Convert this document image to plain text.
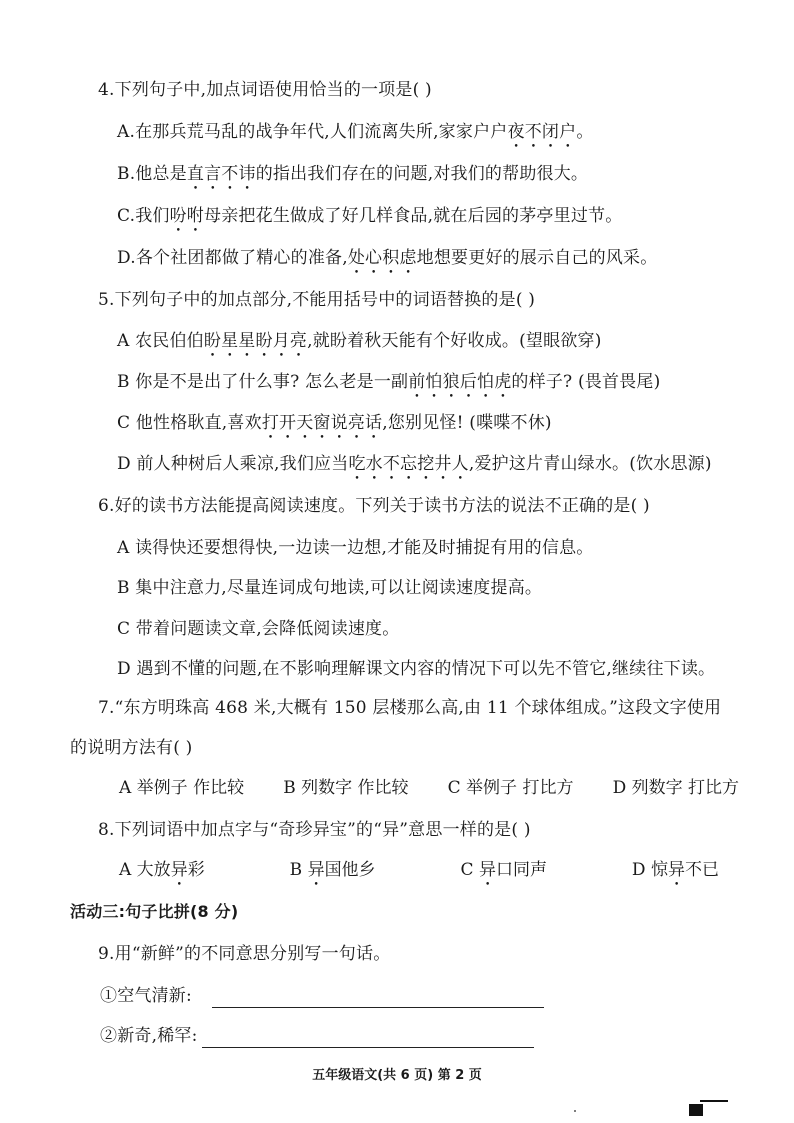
4.下列句子中,加点词语使用恰当的一项是( )
A.在那兵荒马乱的战争年代,人们流离失所,家家户户夜不闭户。
B.他总是直言不讳的指出我们存在的问题,对我们的帮助很大。
C.我们吩咐母亲把花生做成了好几样食品,就在后园的茅亭里过节。
D.各个社团都做了精心的准备,处心积虑地想要更好的展示自己的风采。
5.下列句子中的加点部分,不能用括号中的词语替换的是( )
A 农民伯伯盼星星盼月亮,就盼着秋天能有个好收成。(望眼欲穿)
B 你是不是出了什么事? 怎么老是一副前怕狼后怕虎的样子? (畏首畏尾)
C 他性格耿直,喜欢打开天窗说亮话,您别见怪! (喋喋不休)
D 前人种树后人乘凉,我们应当吃水不忘挖井人,爱护这片青山绿水。(饮水思源)
6.好的读书方法能提高阅读速度。下列关于读书方法的说法不正确的是( )
A 读得快还要想得快,一边读一边想,才能及时捕捉有用的信息。
B 集中注意力,尽量连词成句地读,可以让阅读速度提高。
C 带着问题读文章,会降低阅读速度。
D 遇到不懂的问题,在不影响理解课文内容的情况下可以先不管它,继续往下读。
7.“东方明珠高 468 米,大概有 150 层楼那么高,由 11 个球体组成。”这段文字使用
的说明方法有( )
A 举例子 作比较 B 列数字 作比较 C 举例子 打比方 D 列数字 打比方
8.下列词语中加点字与“奇珍异宝”的“异”意思一样的是( )
A 大放异彩	B 异国他乡	C 异口同声	D 惊异不已
活动三:句子比拼(8 分)
9.用“新鲜”的不同意思分别写一句话。
①空气清新:
②新奇,稀罕:
五年级语文(共 6 页) 第 2 页
